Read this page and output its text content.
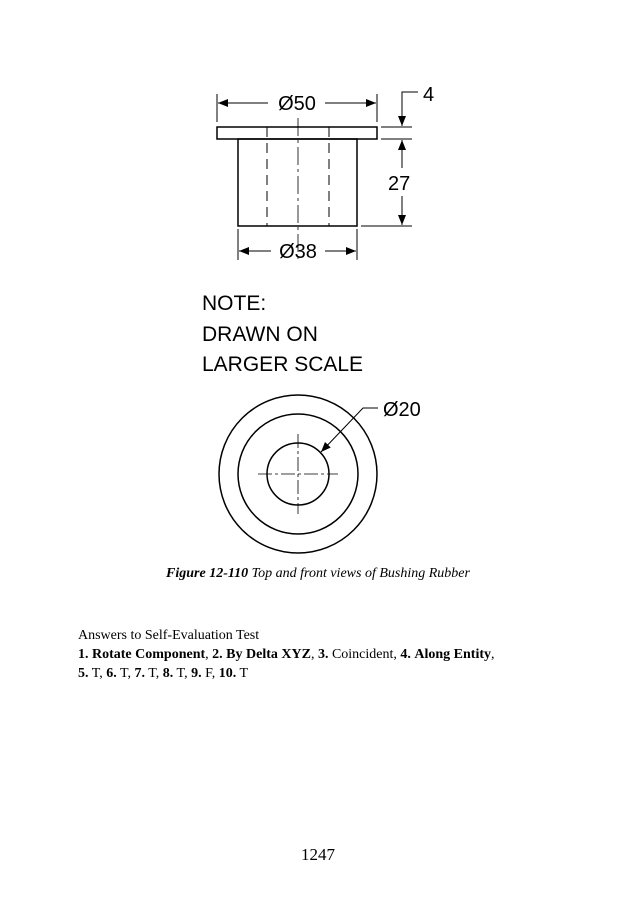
Ø50	4
27
Ø38
NOTE:
DRAWN ON
LARGER SCALE
Ø20
Figure 12-110 Top and front views of Bushing Rubber
Answers to Self-Evaluation Test
1. Rotate Component, 2. By Delta XYZ, 3. Coincident, 4. Along Entity,
5. T, 6. T, 7. T, 8. T, 9. F, 10. T
1247
